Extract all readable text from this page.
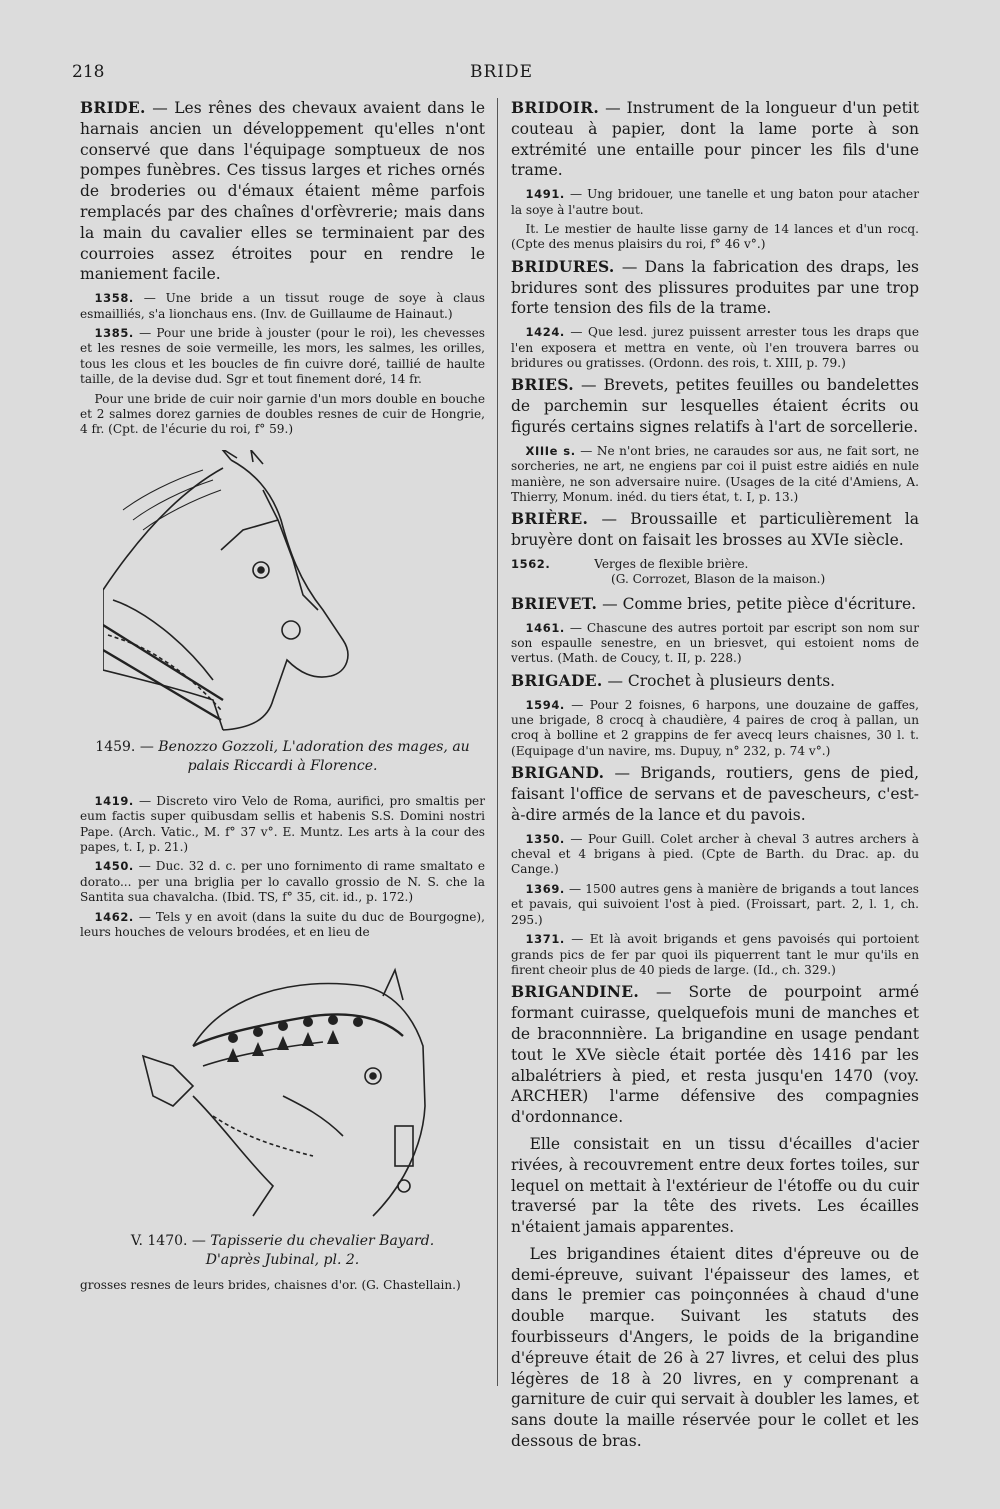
218	BRIDE

BRIDE. — Les rênes des chevaux avaient dans le harnais ancien un développement qu'elles n'ont conservé que dans l'équipage somptueux de nos pompes funèbres. Ces tissus larges et riches ornés de broderies ou d'émaux étaient même parfois remplacés par des chaînes d'orfèvrerie; mais dans la main du cavalier elles se terminaient par des courroies assez étroites pour en rendre le maniement facile.

1358. — Une bride a un tissut rouge de soye à claus esmailliés, s'a lionchaus ens. (Inv. de Guillaume de Hainaut.)

1385. — Pour une bride à jouster (pour le roi), les chevesses et les resnes de soie vermeille, les mors, les salmes, les orilles, tous les clous et les boucles de fin cuivre doré, taillié de haulte taille, de la devise dud. Sgr et tout finement doré, 14 fr.

Pour une bride de cuir noir garnie d'un mors double en bouche et 2 salmes dorez garnies de doubles resnes de cuir de Hongrie, 4 fr. (Cpt. de l'écurie du roi, f° 59.)

1459. — Benozzo Gozzoli, L'adoration des mages, au palais Riccardi à Florence.

1419. — Discreto viro Velo de Roma, aurifici, pro smaltis per eum factis super quibusdam sellis et habenis S.S. Domini nostri Pape. (Arch. Vatic., M. f° 37 v°. E. Muntz. Les arts à la cour des papes, t. I, p. 21.)

1450. — Duc. 32 d. c. per uno fornimento di rame smaltato e dorato... per una briglia per lo cavallo grossio de N. S. che la Santita sua chavalcha. (Ibid. TS, f° 35, cit. id., p. 172.)

1462. — Tels y en avoit (dans la suite du duc de Bourgogne), leurs houches de velours brodées, et en lieu de

V. 1470. — Tapisserie du chevalier Bayard.
D'après Jubinal, pl. 2.

grosses resnes de leurs brides, chaisnes d'or. (G. Chastellain.)

BRIDOIR. — Instrument de la longueur d'un petit couteau à papier, dont la lame porte à son extrémité une entaille pour pincer les fils d'une trame.

1491. — Ung bridouer, une tanelle et ung baton pour atacher la soye à l'autre bout.

It. Le mestier de haulte lisse garny de 14 lances et d'un rocq. (Cpte des menus plaisirs du roi, f° 46 v°.)

BRIDURES. — Dans la fabrication des draps, les bridures sont des plissures produites par une trop forte tension des fils de la trame.

1424. — Que lesd. jurez puissent arrester tous les draps que l'en exposera et mettra en vente, où l'en trouvera barres ou bridures ou gratisses. (Ordonn. des rois, t. XIII, p. 79.)

BRIES. — Brevets, petites feuilles ou bandelettes de parchemin sur lesquelles étaient écrits ou figurés certains signes relatifs à l'art de sorcellerie.

XIIIe s. — Ne n'ont bries, ne caraudes sor aus, ne fait sort, ne sorcheries, ne art, ne engiens par coi il puist estre aidiés en nule manière, ne son adversaire nuire. (Usages de la cité d'Amiens, A. Thierry, Monum. inéd. du tiers état, t. I, p. 13.)

BRIÈRE. — Broussaille et particulièrement la bruyère dont on faisait les brosses au XVIe siècle.

1562.	Verges de flexible brière.
(G. Corrozet, Blason de la maison.)

BRIEVET. — Comme bries, petite pièce d'écriture.

1461. — Chascune des autres portoit par escript son nom sur son espaulle senestre, en un briesvet, qui estoient noms de vertus. (Math. de Coucy, t. II, p. 228.)

BRIGADE. — Crochet à plusieurs dents.

1594. — Pour 2 foisnes, 6 harpons, une douzaine de gaffes, une brigade, 8 crocq à chaudière, 4 paires de croq à pallan, un croq à bolline et 2 grappins de fer avecq leurs chaisnes, 30 l. t. (Equipage d'un navire, ms. Dupuy, n° 232, p. 74 v°.)

BRIGAND. — Brigands, routiers, gens de pied, faisant l'office de servans et de pavescheurs, c'est-à-dire armés de la lance et du pavois.

1350. — Pour Guill. Colet archer à cheval 3 autres archers à cheval et 4 brigans à pied. (Cpte de Barth. du Drac. ap. du Cange.)

1369. — 1500 autres gens à manière de brigands a tout lances et pavais, qui suivoient l'ost à pied. (Froissart, part. 2, l. 1, ch. 295.)

1371. — Et là avoit brigands et gens pavoisés qui portoient grands pics de fer par quoi ils piquerrent tant le mur qu'ils en firent cheoir plus de 40 pieds de large. (Id., ch. 329.)

BRIGANDINE. — Sorte de pourpoint armé formant cuirasse, quelquefois muni de manches et de braconnnière. La brigandine en usage pendant tout le XVe siècle était portée dès 1416 par les albalétriers à pied, et resta jusqu'en 1470 (voy. ARCHER) l'arme défensive des compagnies d'ordonnance.

Elle consistait en un tissu d'écailles d'acier rivées, à recouvrement entre deux fortes toiles, sur lequel on mettait à l'extérieur de l'étoffe ou du cuir traversé par la tête des rivets. Les écailles n'étaient jamais apparentes.

Les brigandines étaient dites d'épreuve ou de demi-épreuve, suivant l'épaisseur des lames, et dans le premier cas poinçonnées à chaud d'une double marque. Suivant les statuts des fourbisseurs d'Angers, le poids de la brigandine d'épreuve était de 26 à 27 livres, et celui des plus légères de 18 à 20 livres, en y comprenant a garniture de cuir qui servait à doubler les lames, et sans doute la maille réservée pour le collet et les dessous de bras.
